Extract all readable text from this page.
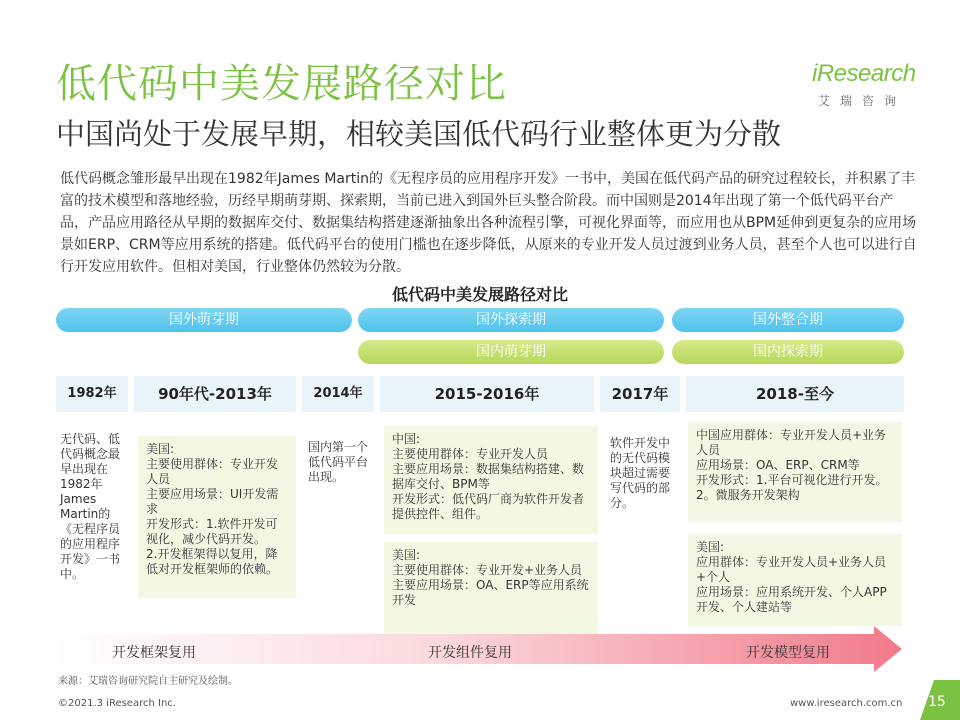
低代码中美发展路径对比
中国尚处于发展早期，相较美国低代码行业整体更为分散
iResearch
艾瑞咨询
低代码概念雏形最早出现在1982年James Martin的《无程序员的应用程序开发》一书中，美国在低代码产品的研究过程较长，并积累了丰富的技术模型和落地经验，历经早期萌芽期、探索期，当前已进入到国外巨头整合阶段。而中国则是2014年出现了第一个低代码平台产品，产品应用路径从早期的数据库交付、数据集结构搭建逐渐抽象出各种流程引擎，可视化界面等，而应用也从BPM延伸到更复杂的应用场景如ERP、CRM等应用系统的搭建。低代码平台的使用门槛也在逐步降低，从原来的专业开发人员过渡到业务人员，甚至个人也可以进行自行开发应用软件。但相对美国，行业整体仍然较为分散。
低代码中美发展路径对比
国外萌芽期	国外探索期	国外整合期
国内萌芽期	国内探索期
1982年	90年代-2013年	2014年	2015-2016年	2017年	2018-至今
无代码、低代码概念最早出现在1982年James Martin的《无程序员的应用程序开发》一书中。
美国:
主要使用群体：专业开发人员
主要应用场景：UI开发需求
开发形式：1.软件开发可视化，减少代码开发。
2.开发框架得以复用，降低对开发框架师的依赖。
国内第一个低代码平台出现。
中国:
主要使用群体：专业开发人员
主要应用场景：数据集结构搭建、数据库交付、BPM等
开发形式：低代码厂商为软件开发者提供控件、组件。
美国:
主要使用群体：专业开发+业务人员
主要应用场景：OA、ERP等应用系统开发
软件开发中的无代码模块超过需要写代码的部分。
中国应用群体：专业开发人员+业务人员
应用场景：OA、ERP、CRM等
开发形式：1.平台可视化进行开发。2。微服务开发架构
美国:
应用群体：专业开发人员+业务人员+个人
应用场景：应用系统开发、个人APP开发、个人建站等
开发框架复用	开发组件复用	开发模型复用
来源：艾瑞咨询研究院自主研究及绘制。
©2021.3 iResearch Inc.	www.iresearch.com.cn 15
